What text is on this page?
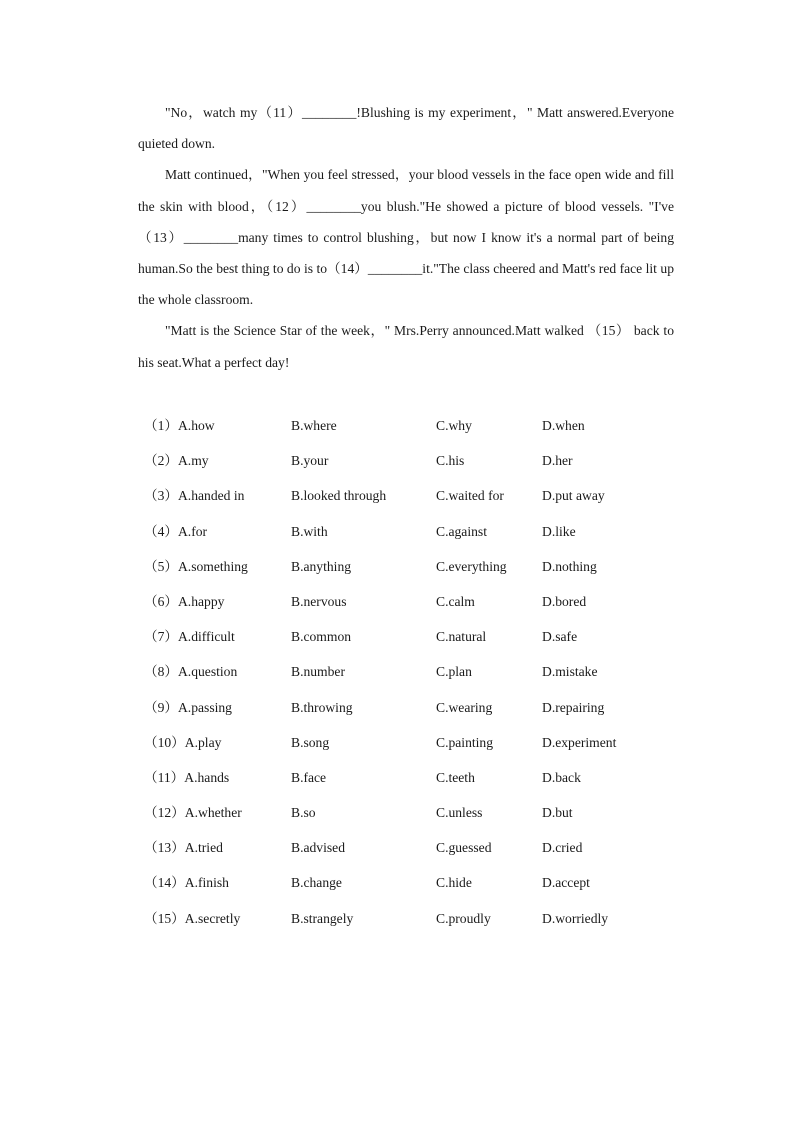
"No，watch my（11）________!Blushing is my experiment，" Matt answered.Everyone quieted down.

Matt continued，"When you feel stressed，your blood vessels in the face open wide and fill the skin with blood，（12）________you blush."He showed a picture of blood vessels. "I've（13）________many times to control blushing，but now I know it's a normal part of being human.So the best thing to do is to（14）________it."The class cheered and Matt's red face lit up the whole classroom.

"Matt is the Science Star of the week，" Mrs.Perry announced.Matt walked （15） back to his seat.What a perfect day!

（1）A.how	B.where	C.why	D.when
（2）A.my	B.your	C.his	D.her
（3）A.handed in	B.looked through	C.waited for	D.put away
（4）A.for	B.with	C.against	D.like
（5）A.something	B.anything	C.everything	D.nothing
（6）A.happy	B.nervous	C.calm	D.bored
（7）A.difficult	B.common	C.natural	D.safe
（8）A.question	B.number	C.plan	D.mistake
（9）A.passing	B.throwing	C.wearing	D.repairing
（10）A.play	B.song	C.painting	D.experiment
（11）A.hands	B.face	C.teeth	D.back
（12）A.whether	B.so	C.unless	D.but
（13）A.tried	B.advised	C.guessed	D.cried
（14）A.finish	B.change	C.hide	D.accept
（15）A.secretly	B.strangely	C.proudly	D.worriedly
